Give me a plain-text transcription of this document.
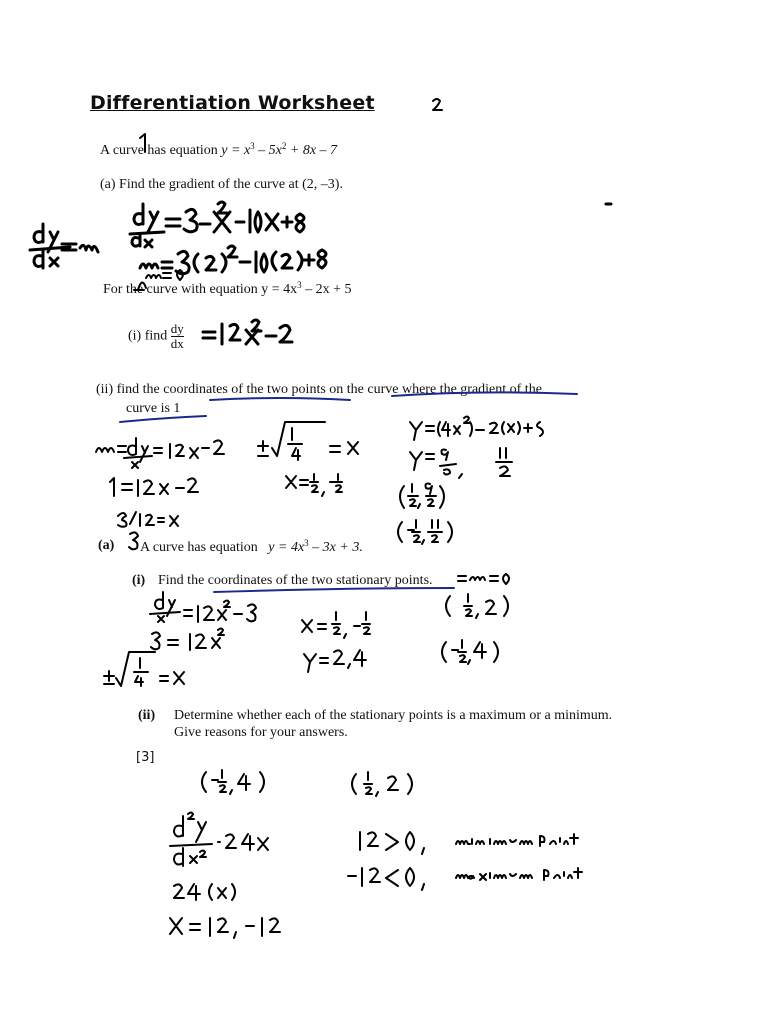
Differentiation Worksheet
A curve has equation $y = x^3 - 5x^2 + 8x - 7$
(a) Find the gradient of the curve at (2, –3).
For the curve with equation $y = 4x^3 - 2x + 5$
(i) find $\frac{dy}{dx}$
(ii) find the coordinates of the two points on the curve where the gradient of the
curve is 1
(a) A curve has equation   $y = 4x^3 - 3x + 3$.
(i) Find the coordinates of the two stationary points.
(ii) Determine whether each of the stationary points is a maximum or a minimum.
Give reasons for your answers.
[3]
